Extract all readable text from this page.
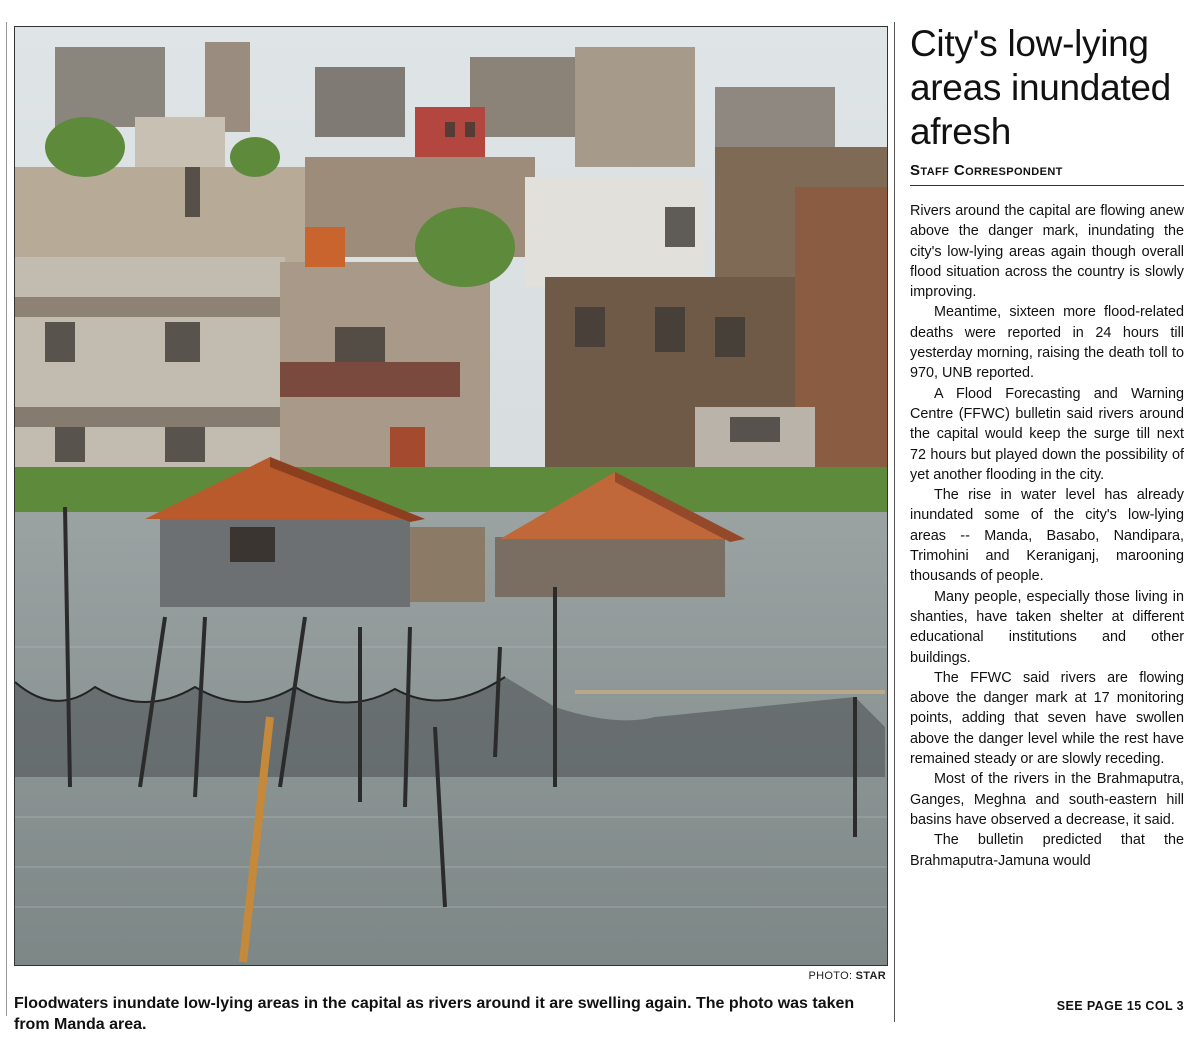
PHOTO: STAR
Floodwaters inundate low-lying areas in the capital as rivers around it are swelling again. The photo was taken from Manda area.
City's low-lying areas inundated afresh
Staff Correspondent

Rivers around the capital are flowing anew above the danger mark, inundating the city's low-lying areas again though overall flood situation across the country is slowly improving.

Meantime, sixteen more flood-related deaths were reported in 24 hours till yesterday morning, raising the death toll to 970, UNB reported.

A Flood Forecasting and Warning Centre (FFWC) bulletin said rivers around the capital would keep the surge till next 72 hours but played down the possibility of yet another flooding in the city.

The rise in water level has already inundated some of the city's low-lying areas -- Manda, Basabo, Nandipara, Trimohini and Keraniganj, marooning thousands of people.

Many people, especially those living in shanties, have taken shelter at different educational institutions and other buildings.

The FFWC said rivers are flowing above the danger mark at 17 monitoring points, adding that seven have swollen above the danger level while the rest have remained steady or are slowly receding.

Most of the rivers in the Brahmaputra, Ganges, Meghna and south-eastern hill basins have observed a decrease, it said.

The bulletin predicted that the Brahmaputra-Jamuna would

SEE PAGE 15 COL 3
